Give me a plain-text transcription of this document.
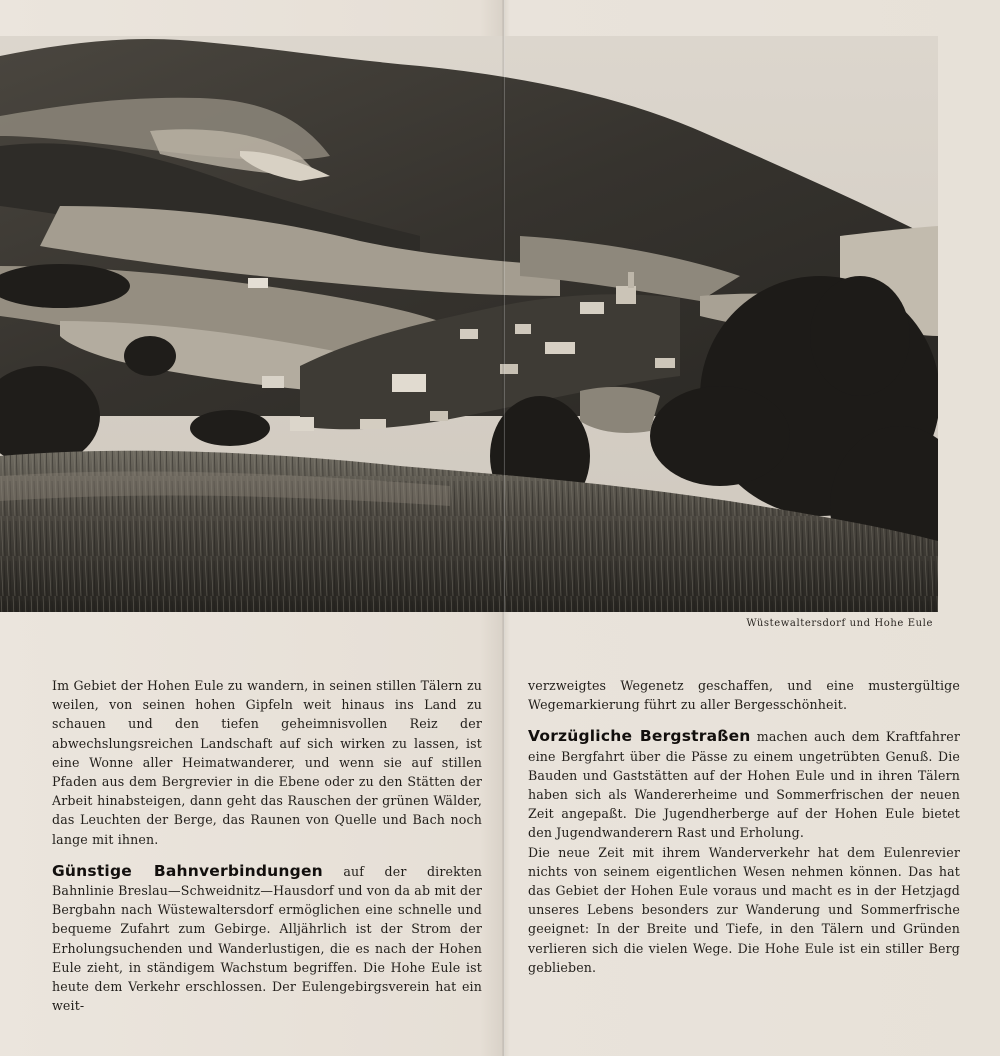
Wüstewaltersdorf und Hohe Eule

Im Gebiet der Hohen Eule zu wandern, in seinen stillen Tälern zu weilen, von seinen hohen Gipfeln weit hinaus ins Land zu schauen und den tiefen geheimnisvollen Reiz der abwechslungsreichen Landschaft auf sich wirken zu lassen, ist eine Wonne aller Heimatwanderer, und wenn sie auf stillen Pfaden aus dem Bergrevier in die Ebene oder zu den Stätten der Arbeit hinabsteigen, dann geht das Rauschen der grünen Wälder, das Leuchten der Berge, das Raunen von Quelle und Bach noch lange mit ihnen.

Günstige Bahnverbindungen auf der direkten Bahnlinie Breslau—Schweidnitz—Hausdorf und von da ab mit der Bergbahn nach Wüstewaltersdorf ermöglichen eine schnelle und bequeme Zufahrt zum Gebirge. Alljährlich ist der Strom der Erholungsuchenden und Wanderlustigen, die es nach der Hohen Eule zieht, in ständigem Wachstum begriffen. Die Hohe Eule ist heute dem Verkehr erschlossen. Der Eulengebirgsverein hat ein weit-

verzweigtes Wegenetz geschaffen, und eine mustergültige Wegemarkierung führt zu aller Bergesschönheit.

Vorzügliche Bergstraßen machen auch dem Kraftfahrer eine Bergfahrt über die Pässe zu einem ungetrübten Genuß. Die Bauden und Gaststätten auf der Hohen Eule und in ihren Tälern haben sich als Wandererheime und Sommerfrischen der neuen Zeit angepaßt. Die Jugendherberge auf der Hohen Eule bietet den Jugendwanderern Rast und Erholung.

Die neue Zeit mit ihrem Wanderverkehr hat dem Eulenrevier nichts von seinem eigentlichen Wesen nehmen können. Das hat das Gebiet der Hohen Eule voraus und macht es in der Hetzjagd unseres Lebens besonders zur Wanderung und Sommerfrische geeignet: In der Breite und Tiefe, in den Tälern und Gründen verlieren sich die vielen Wege. Die Hohe Eule ist ein stiller Berg geblieben.
